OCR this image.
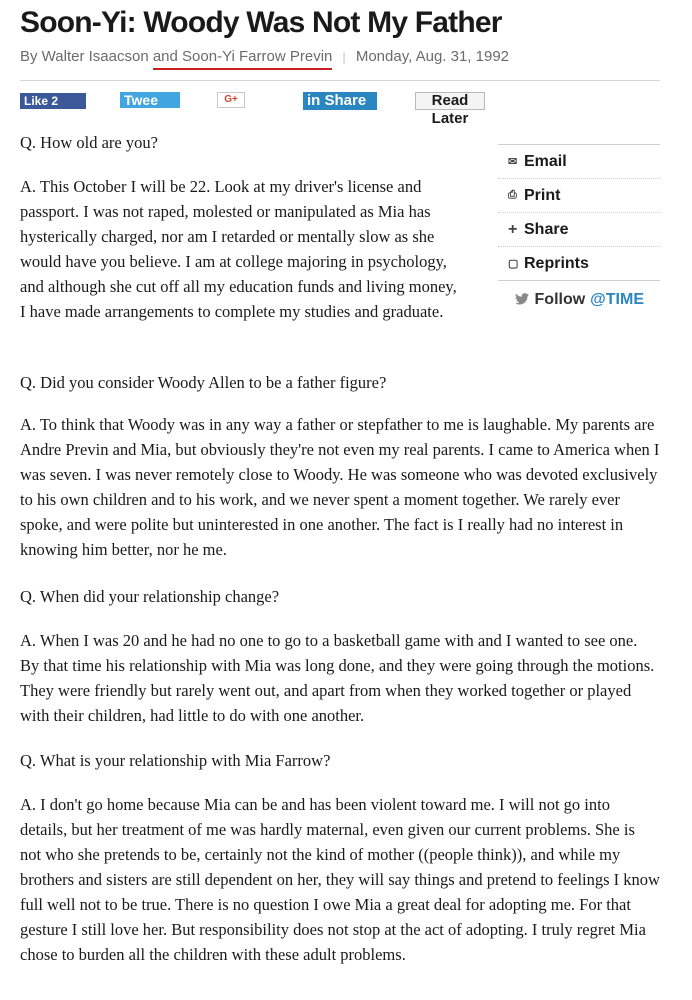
Soon-Yi: Woody Was Not My Father
By Walter Isaacson and Soon-Yi Farrow Previn | Monday, Aug. 31, 1992
Like 2	Twee	G+	in Share	Read
Later
✉ Email
⎙ Print
+ Share
▢ Reprints
Follow @TIME

Q. How old are you?

A. This October I will be 22. Look at my driver's license and passport. I was not raped, molested or manipulated as Mia has hysterically charged, nor am I retarded or mentally slow as she would have you believe. I am at college majoring in psychology, and although she cut off all my education funds and living money, I have made arrangements to complete my studies and graduate.

Q. Did you consider Woody Allen to be a father figure?

A. To think that Woody was in any way a father or stepfather to me is laughable. My parents are Andre Previn and Mia, but obviously they're not even my real parents. I came to America when I was seven. I was never remotely close to Woody. He was someone who was devoted exclusively to his own children and to his work, and we never spent a moment together. We rarely ever spoke, and were polite but uninterested in one another. The fact is I really had no interest in knowing him better, nor he me.

Q. When did your relationship change?

A. When I was 20 and he had no one to go to a basketball game with and I wanted to see one. By that time his relationship with Mia was long done, and they were going through the motions. They were friendly but rarely went out, and apart from when they worked together or played with their children, had little to do with one another.

Q. What is your relationship with Mia Farrow?

A. I don't go home because Mia can be and has been violent toward me. I will not go into details, but her treatment of me was hardly maternal, even given our current problems. She is not who she pretends to be, certainly not the kind of mother ((people think)), and while my brothers and sisters are still dependent on her, they will say things and pretend to feelings I know full well not to be true. There is no question I owe Mia a great deal for adopting me. For that gesture I still love her. But responsibility does not stop at the act of adopting. I truly regret Mia chose to burden all the children with these adult problems.
